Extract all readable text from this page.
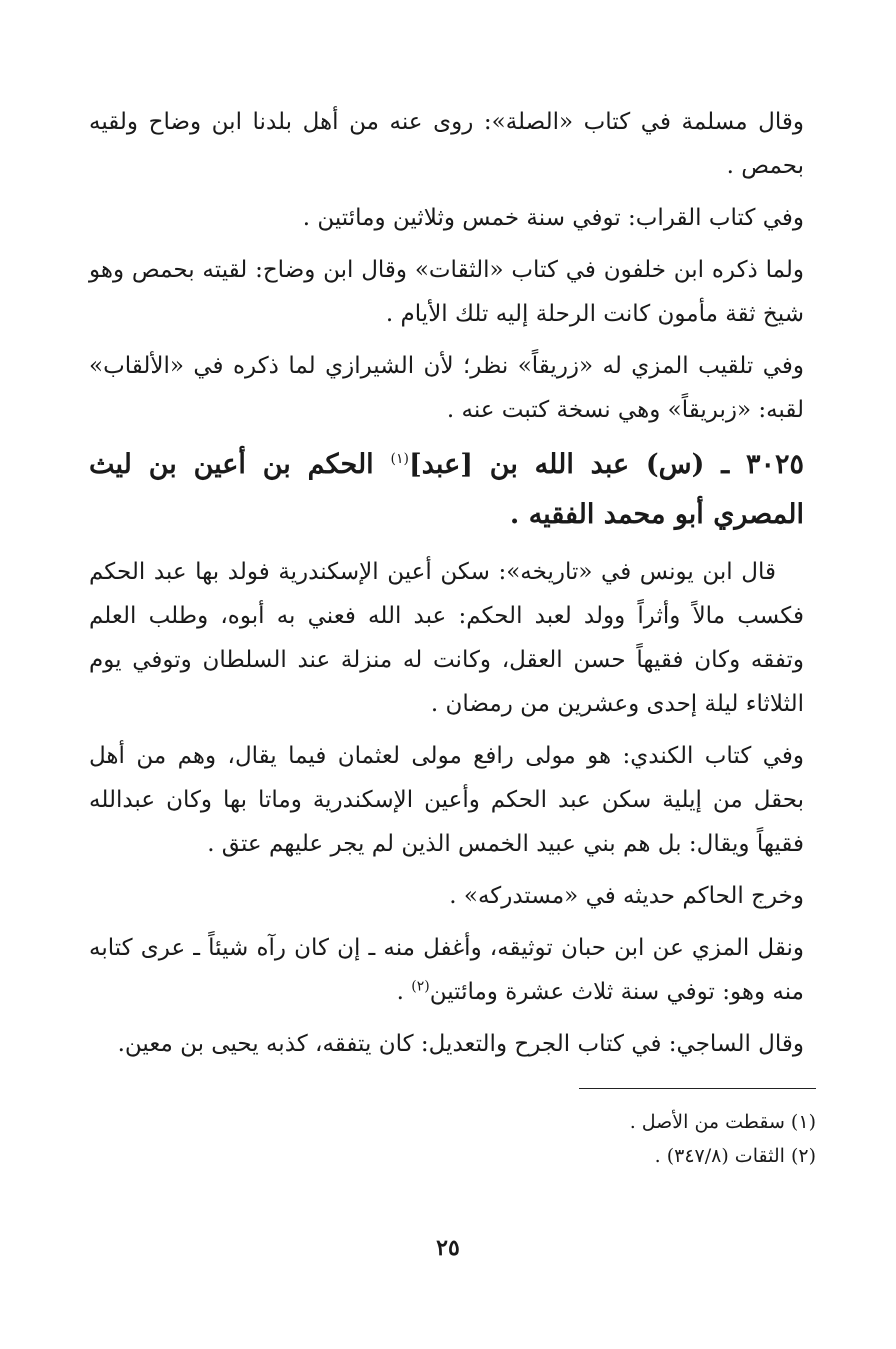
وقال مسلمة في كتاب «الصلة»: روى عنه من أهل بلدنا ابن وضاح ولقيه بحمص .

وفي كتاب القراب: توفي سنة خمس وثلاثين ومائتين .

ولما ذكره ابن خلفون في كتاب «الثقات» وقال ابن وضاح: لقيته بحمص وهو شيخ ثقة مأمون كانت الرحلة إليه تلك الأيام .

وفي تلقيب المزي له «زريقاً» نظر؛ لأن الشيرازي لما ذكره في «الألقاب» لقبه: «زبريقاً» وهي نسخة كتبت عنه .

٣٠٢٥ ـ (س) عبد الله بن [عبد]$^{(١)}$ الحكم بن أعين بن ليث المصري أبو محمد الفقيه .

قال ابن يونس في «تاريخه»: سكن أعين الإسكندرية فولد بها عبد الحكم فكسب مالاً وأثراً وولد لعبد الحكم: عبد الله فعني به أبوه، وطلب العلم وتفقه وكان فقيهاً حسن العقل، وكانت له منزلة عند السلطان وتوفي يوم الثلاثاء ليلة إحدى وعشرين من رمضان .

وفي كتاب الكندي: هو مولى رافع مولى لعثمان فيما يقال، وهم من أهل بحقل من إيلية سكن عبد الحكم وأعين الإسكندرية وماتا بها وكان عبدالله فقيهاً ويقال: بل هم بني عبيد الخمس الذين لم يجر عليهم عتق .

وخرج الحاكم حديثه في «مستدركه» .

ونقل المزي عن ابن حبان توثيقه، وأغفل منه ـ إن كان رآه شيئاً ـ عرى كتابه منه وهو: توفي سنة ثلاث عشرة ومائتين$^{(٢)}$ .

وقال الساجي: في كتاب الجرح والتعديل: كان يتفقه، كذبه يحيى بن معين.

(١) سقطت من الأصل .

(٢) الثقات (٣٤٧/٨) .

٢٥
